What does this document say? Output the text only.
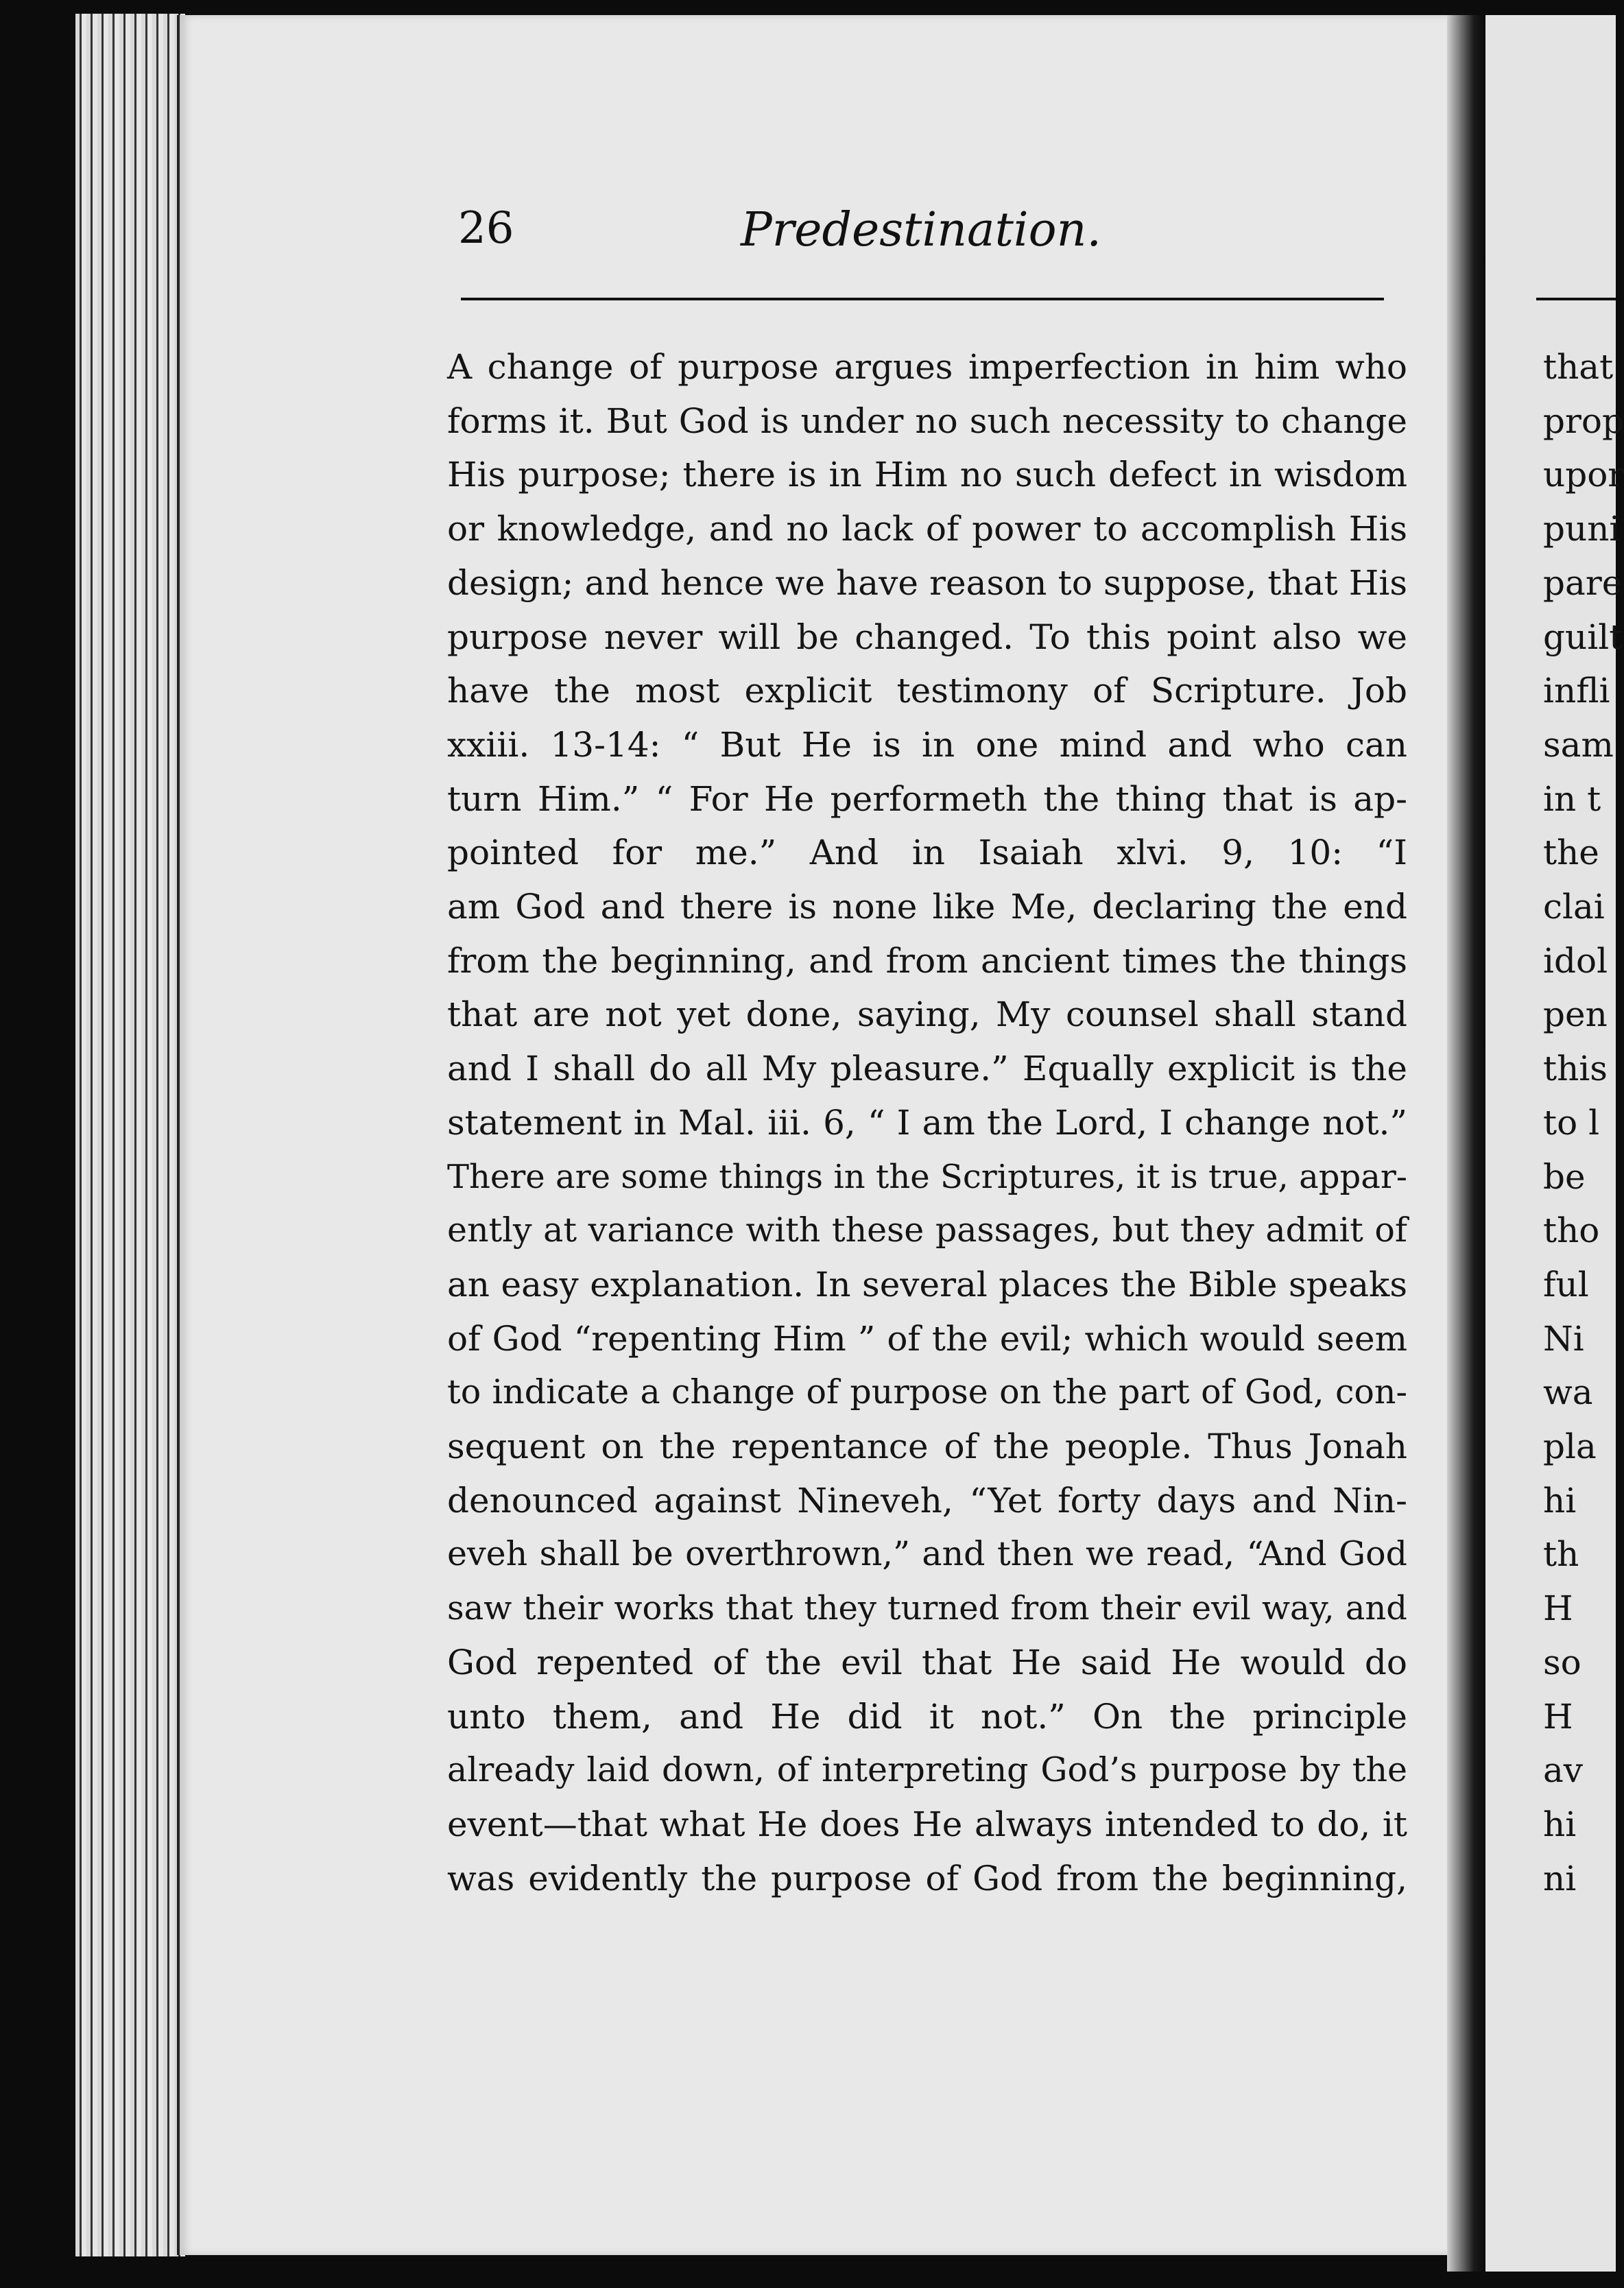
26	Predestination.
A change of purpose argues imperfection in him who
forms it. But God is under no such necessity to change
His purpose; there is in Him no such defect in wisdom
or knowledge, and no lack of power to accomplish His
design; and hence we have reason to suppose, that His
purpose never will be changed. To this point also we
have the most explicit testimony of Scripture. Job
xxiii. 13-14: “ But He is in one mind and who can
turn Him.” “ For He performeth the thing that is ap-
pointed for me.” And in Isaiah xlvi. 9, 10: “I
am God and there is none like Me, declaring the end
from the beginning, and from ancient times the things
that are not yet done, saying, My counsel shall stand
and I shall do all My pleasure.” Equally explicit is the
statement in Mal. iii. 6, “ I am the Lord, I change not.”
There are some things in the Scriptures, it is true, appar-
ently at variance with these passages, but they admit of
an easy explanation. In several places the Bible speaks
of God “repenting Him ” of the evil; which would seem
to indicate a change of purpose on the part of God, con-
sequent on the repentance of the people. Thus Jonah
denounced against Nineveh, “Yet forty days and Nin-
eveh shall be overthrown,” and then we read, “And God
saw their works that they turned from their evil way, and
God repented of the evil that He said He would do
unto them, and He did it not.” On the principle
already laid down, of interpreting God’s purpose by the
event—that what He does He always intended to do, it
was evidently the purpose of God from the beginning,
that
prop
upor
puni
pare
guilt
infli
sam
in t
the
clai
idol
pen
this
to l
be
tho
ful
Ni
wa
pla
hi
th
H
so
H
av
hi
ni
